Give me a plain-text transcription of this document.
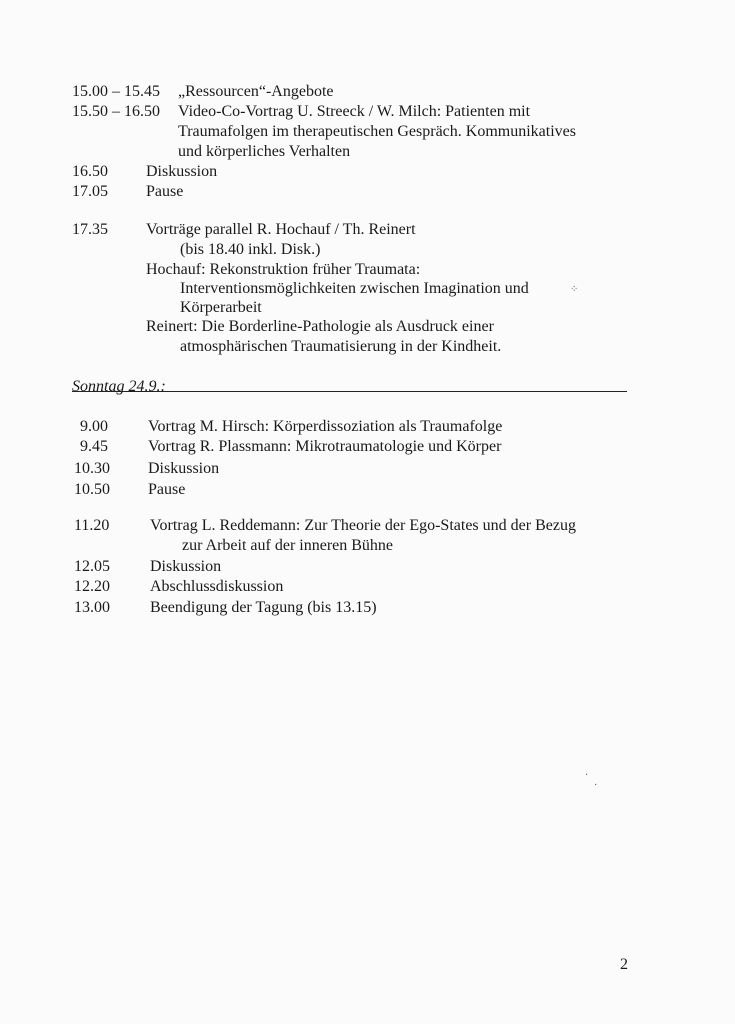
15.00 – 15.45 „Ressourcen“-Angebote
15.50 – 16.50 Video-Co-Vortrag U. Streeck / W. Milch: Patienten mit
Traumafolgen im therapeutischen Gespräch. Kommunikatives
und körperliches Verhalten
16.50 Diskussion
17.05 Pause
17.35 Vorträge parallel R. Hochauf / Th. Reinert
(bis 18.40 inkl. Disk.)
Hochauf: Rekonstruktion früher Traumata:
Interventionsmöglichkeiten zwischen Imagination und
Körperarbeit
Reinert: Die Borderline-Pathologie als Ausdruck einer
atmosphärischen Traumatisierung in der Kindheit.
Sonntag 24.9.:
9.00	Vortrag M. Hirsch: Körperdissoziation als Traumafolge
9.45	Vortrag R. Plassmann: Mikrotraumatologie und Körper
10.30 Diskussion
10.50 Pause
11.20	Vortrag L. Reddemann: Zur Theorie der Ego-States und der Bezug
zur Arbeit auf der inneren Bühne
12.05	Diskussion
12.20	Abschlussdiskussion
13.00	Beendigung der Tagung (bis 13.15)
⁘
·
·
2
